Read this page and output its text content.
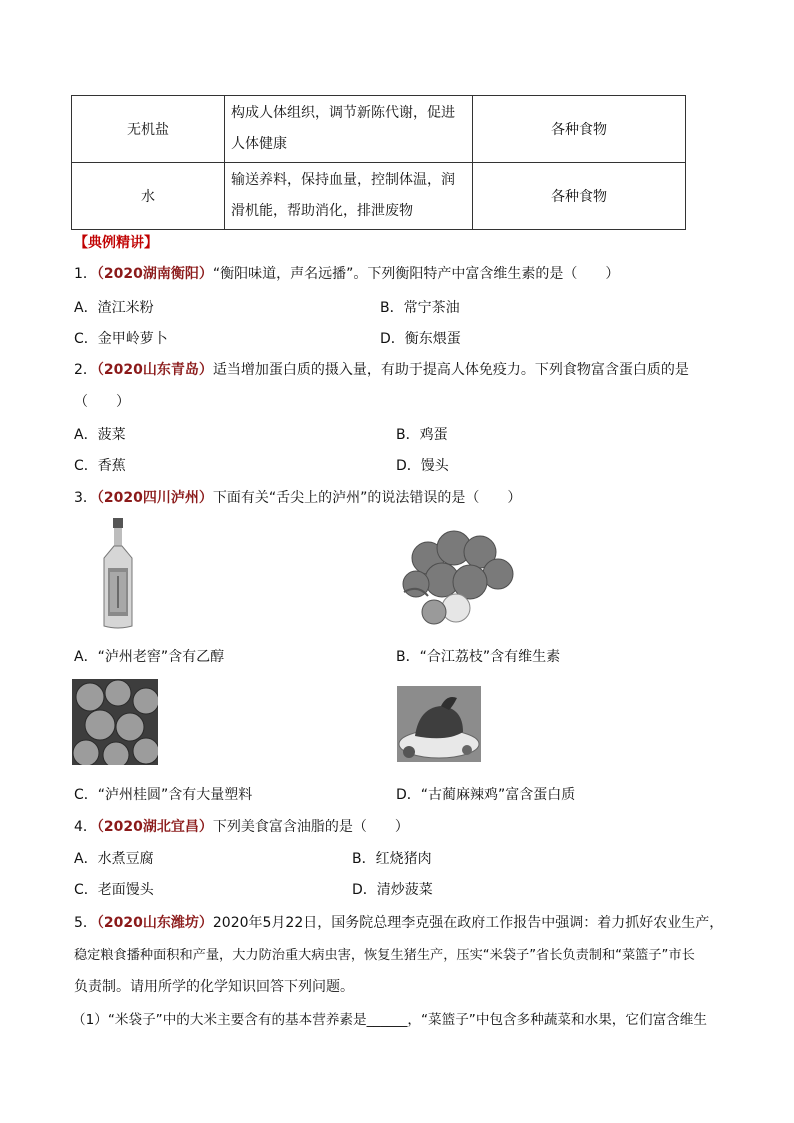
无机盐	构成人体组织，调节新陈代谢，促进人体健康	各种食物
水	输送养料，保持血量，控制体温，润滑机能，帮助消化，排泄废物	各种食物
【典例精讲】
1．（2020湖南衡阳）“衡阳味道，声名远播”。下列衡阳特产中富含维生素的是（　　）
A．渣江米粉	B．常宁茶油
C．金甲岭萝卜	D．衡东煨蛋
2．（2020山东青岛）适当增加蛋白质的摄入量，有助于提高人体免疫力。下列食物富含蛋白质的是
（　　）
A．菠菜	B．鸡蛋
C．香蕉	D．馒头
3．（2020四川泸州）下面有关“舌尖上的泸州”的说法错误的是（　　）
A．“泸州老窖”含有乙醇	B．“合江荔枝”含有维生素
C．“泸州桂圆”含有大量塑料	D．“古蔺麻辣鸡”富含蛋白质
4．（2020湖北宜昌）下列美食富含油脂的是（　　）
A．水煮豆腐	B．红烧猪肉
C．老面馒头	D．清炒菠菜
5．（2020山东潍坊）2020年5月22日，国务院总理李克强在政府工作报告中强调：着力抓好农业生产，
稳定粮食播种面积和产量，大力防治重大病虫害，恢复生猪生产，压实“米袋子”省长负责制和“菜篮子”市长
负责制。请用所学的化学知识回答下列问题。
（1）“米袋子”中的大米主要含有的基本营养素是______，“菜篮子”中包含多种蔬菜和水果，它们富含维生
